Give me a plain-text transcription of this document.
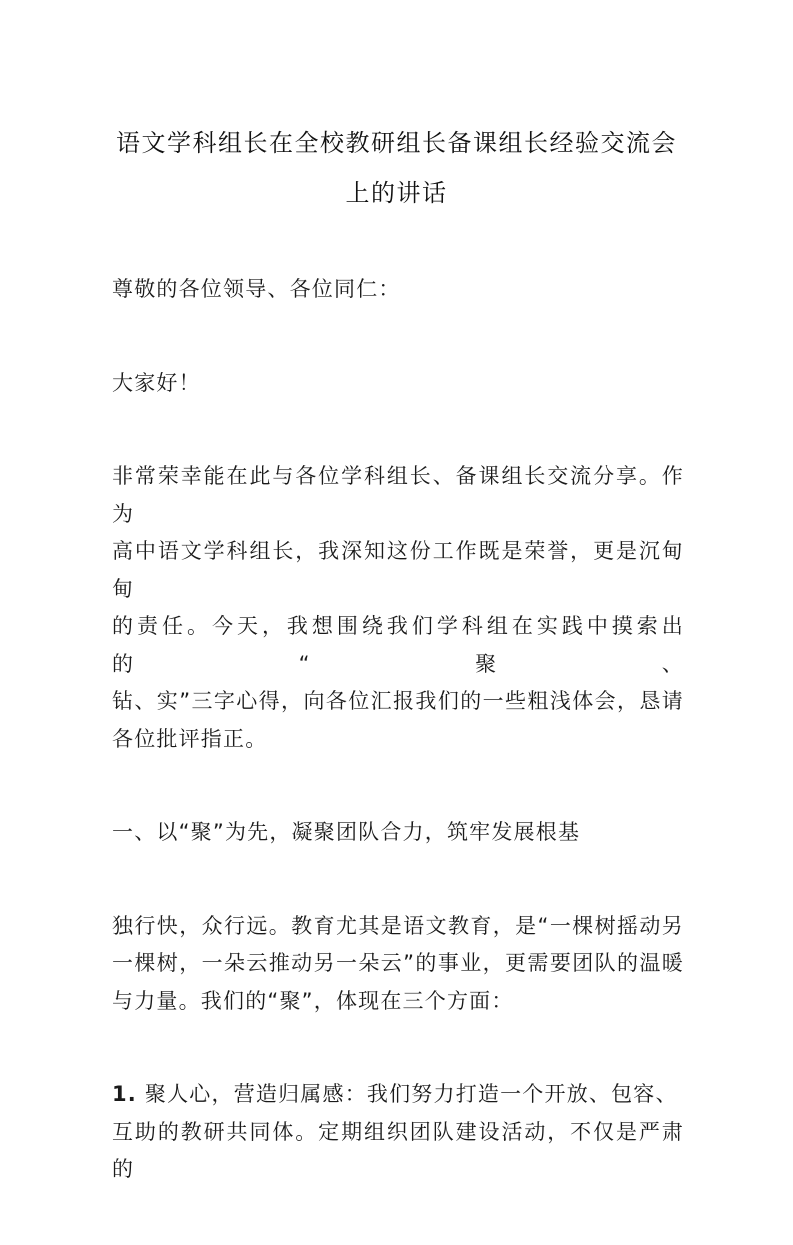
语文学科组长在全校教研组长备课组长经验交流会
上的讲话
尊敬的各位领导、各位同仁：
大家好！
非常荣幸能在此与各位学科组长、备课组长交流分享。作为
高中语文学科组长，我深知这份工作既是荣誉，更是沉甸甸
的责任。今天，我想围绕我们学科组在实践中摸索出的“聚、
钻、实”三字心得，向各位汇报我们的一些粗浅体会，恳请
各位批评指正。
一、以“聚”为先，凝聚团队合力，筑牢发展根基
独行快，众行远。教育尤其是语文教育，是“一棵树摇动另
一棵树，一朵云推动另一朵云”的事业，更需要团队的温暖
与力量。我们的“聚”，体现在三个方面：
1. 聚人心，营造归属感：我们努力打造一个开放、包容、
互助的教研共同体。定期组织团队建设活动，不仅是严肃的
